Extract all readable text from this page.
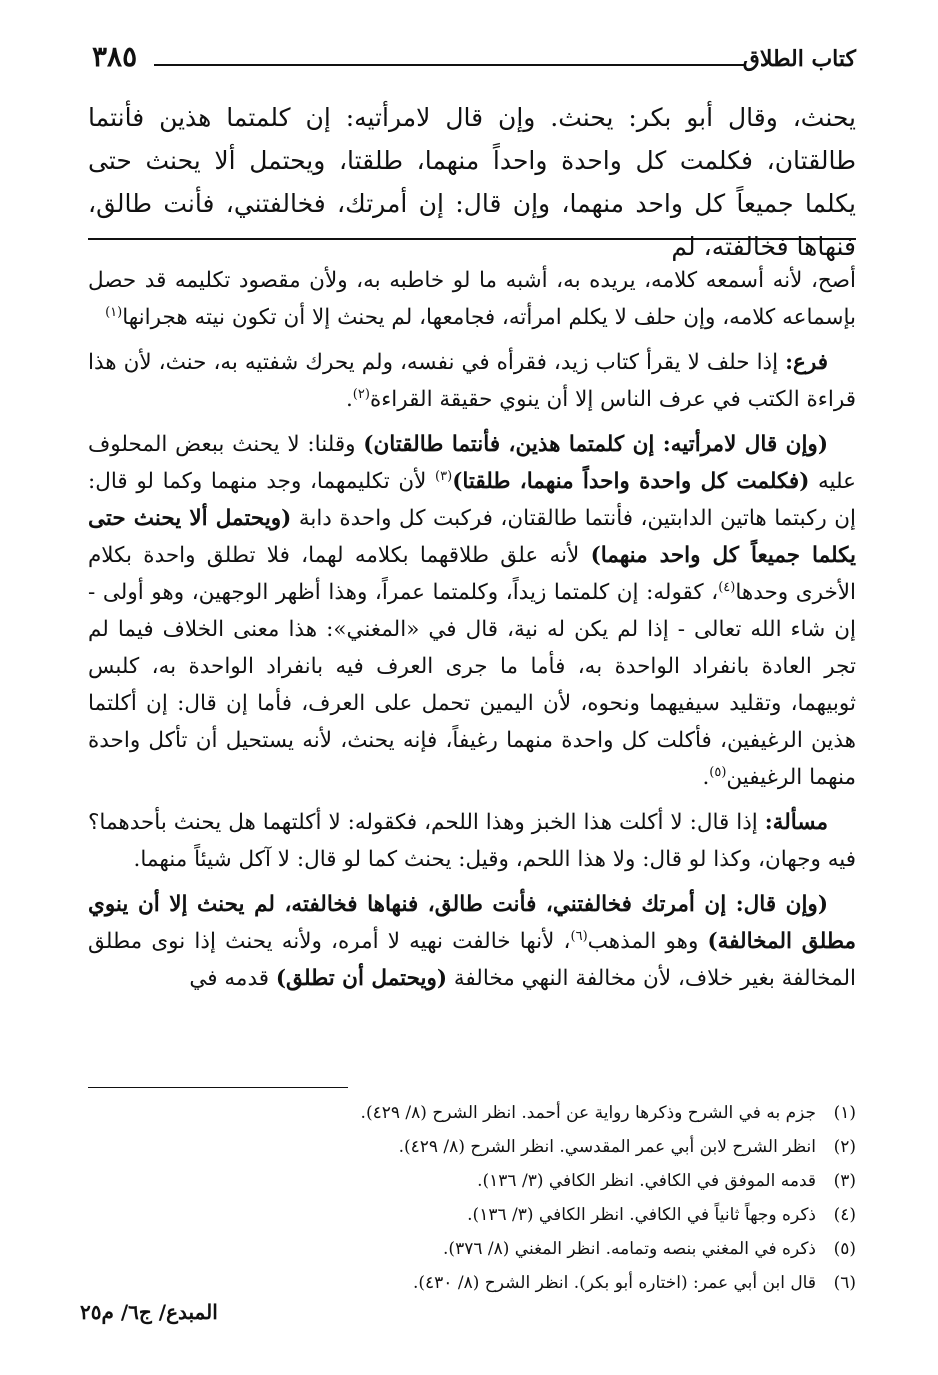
٣٨٥	كتاب الطلاق
يحنث، وقال أبو بكر: يحنث. وإن قال لامرأتيه: إن كلمتما هذين فأنتما طالقتان، فكلمت كل واحدة واحداً منهما، طلقتا، ويحتمل ألا يحنث حتى يكلما جميعاً كل واحد منهما، وإن قال: إن أمرتك، فخالفتني، فأنت طالق، فنهاها فخالفته، لم

أصح، لأنه أسمعه كلامه، يريده به، أشبه ما لو خاطبه به، ولأن مقصود تكليمه قد حصل بإسماعه كلامه، وإن حلف لا يكلم امرأته، فجامعها، لم يحنث إلا أن تكون نيته هجرانها$^{(١)}$

فرع: إذا حلف لا يقرأ كتاب زيد، فقرأه في نفسه، ولم يحرك شفتيه به، حنث، لأن هذا قراءة الكتب في عرف الناس إلا أن ينوي حقيقة القراءة$^{(٢)}$.

(وإن قال لامرأتيه: إن كلمتما هذين، فأنتما طالقتان) وقلنا: لا يحنث ببعض المحلوف عليه (فكلمت كل واحدة واحداً منهما، طلقتا)$^{(٣)}$ لأن تكليمهما، وجد منهما وكما لو قال: إن ركبتما هاتين الدابتين، فأنتما طالقتان، فركبت كل واحدة دابة (ويحتمل ألا يحنث حتى يكلما جميعاً كل واحد منهما) لأنه علق طلاقهما بكلامه لهما، فلا تطلق واحدة بكلام الأخرى وحدها$^{(٤)}$، كقوله: إن كلمتما زيداً، وكلمتما عمراً، وهذا أظهر الوجهين، وهو أولى - إن شاء الله تعالى - إذا لم يكن له نية، قال في «المغني»: هذا معنى الخلاف فيما لم تجر العادة بانفراد الواحدة به، فأما ما جرى العرف فيه بانفراد الواحدة به، كلبس ثوبيهما، وتقليد سيفيهما ونحوه، لأن اليمين تحمل على العرف، فأما إن قال: إن أكلتما هذين الرغيفين، فأكلت كل واحدة منهما رغيفاً، فإنه يحنث، لأنه يستحيل أن تأكل واحدة منهما الرغيفين$^{(٥)}$.

مسألة: إذا قال: لا أكلت هذا الخبز وهذا اللحم، فكقوله: لا أكلتهما هل يحنث بأحدهما؟ فيه وجهان، وكذا لو قال: ولا هذا اللحم، وقيل: يحنث كما لو قال: لا آكل شيئاً منهما.

(وإن قال: إن أمرتك فخالفتني، فأنت طالق، فنهاها فخالفته، لم يحنث إلا أن ينوي مطلق المخالفة) وهو المذهب$^{(٦)}$، لأنها خالفت نهيه لا أمره، ولأنه يحنث إذا نوى مطلق المخالفة بغير خلاف، لأن مخالفة النهي مخالفة (ويحتمل أن تطلق) قدمه في

(١)جزم به في الشرح وذكرها رواية عن أحمد. انظر الشرح (٨/ ٤٢٩).
(٢)انظر الشرح لابن أبي عمر المقدسي. انظر الشرح (٨/ ٤٢٩).
(٣)قدمه الموفق في الكافي. انظر الكافي (٣/ ١٣٦).
(٤)ذكره وجهاً ثانياً في الكافي. انظر الكافي (٣/ ١٣٦).
(٥)ذكره في المغني بنصه وتمامه. انظر المغني (٨/ ٣٧٦).
(٦)قال ابن أبي عمر: (اختاره أبو بكر). انظر الشرح (٨/ ٤٣٠).
المبدع/ ج٦/ م٢٥
